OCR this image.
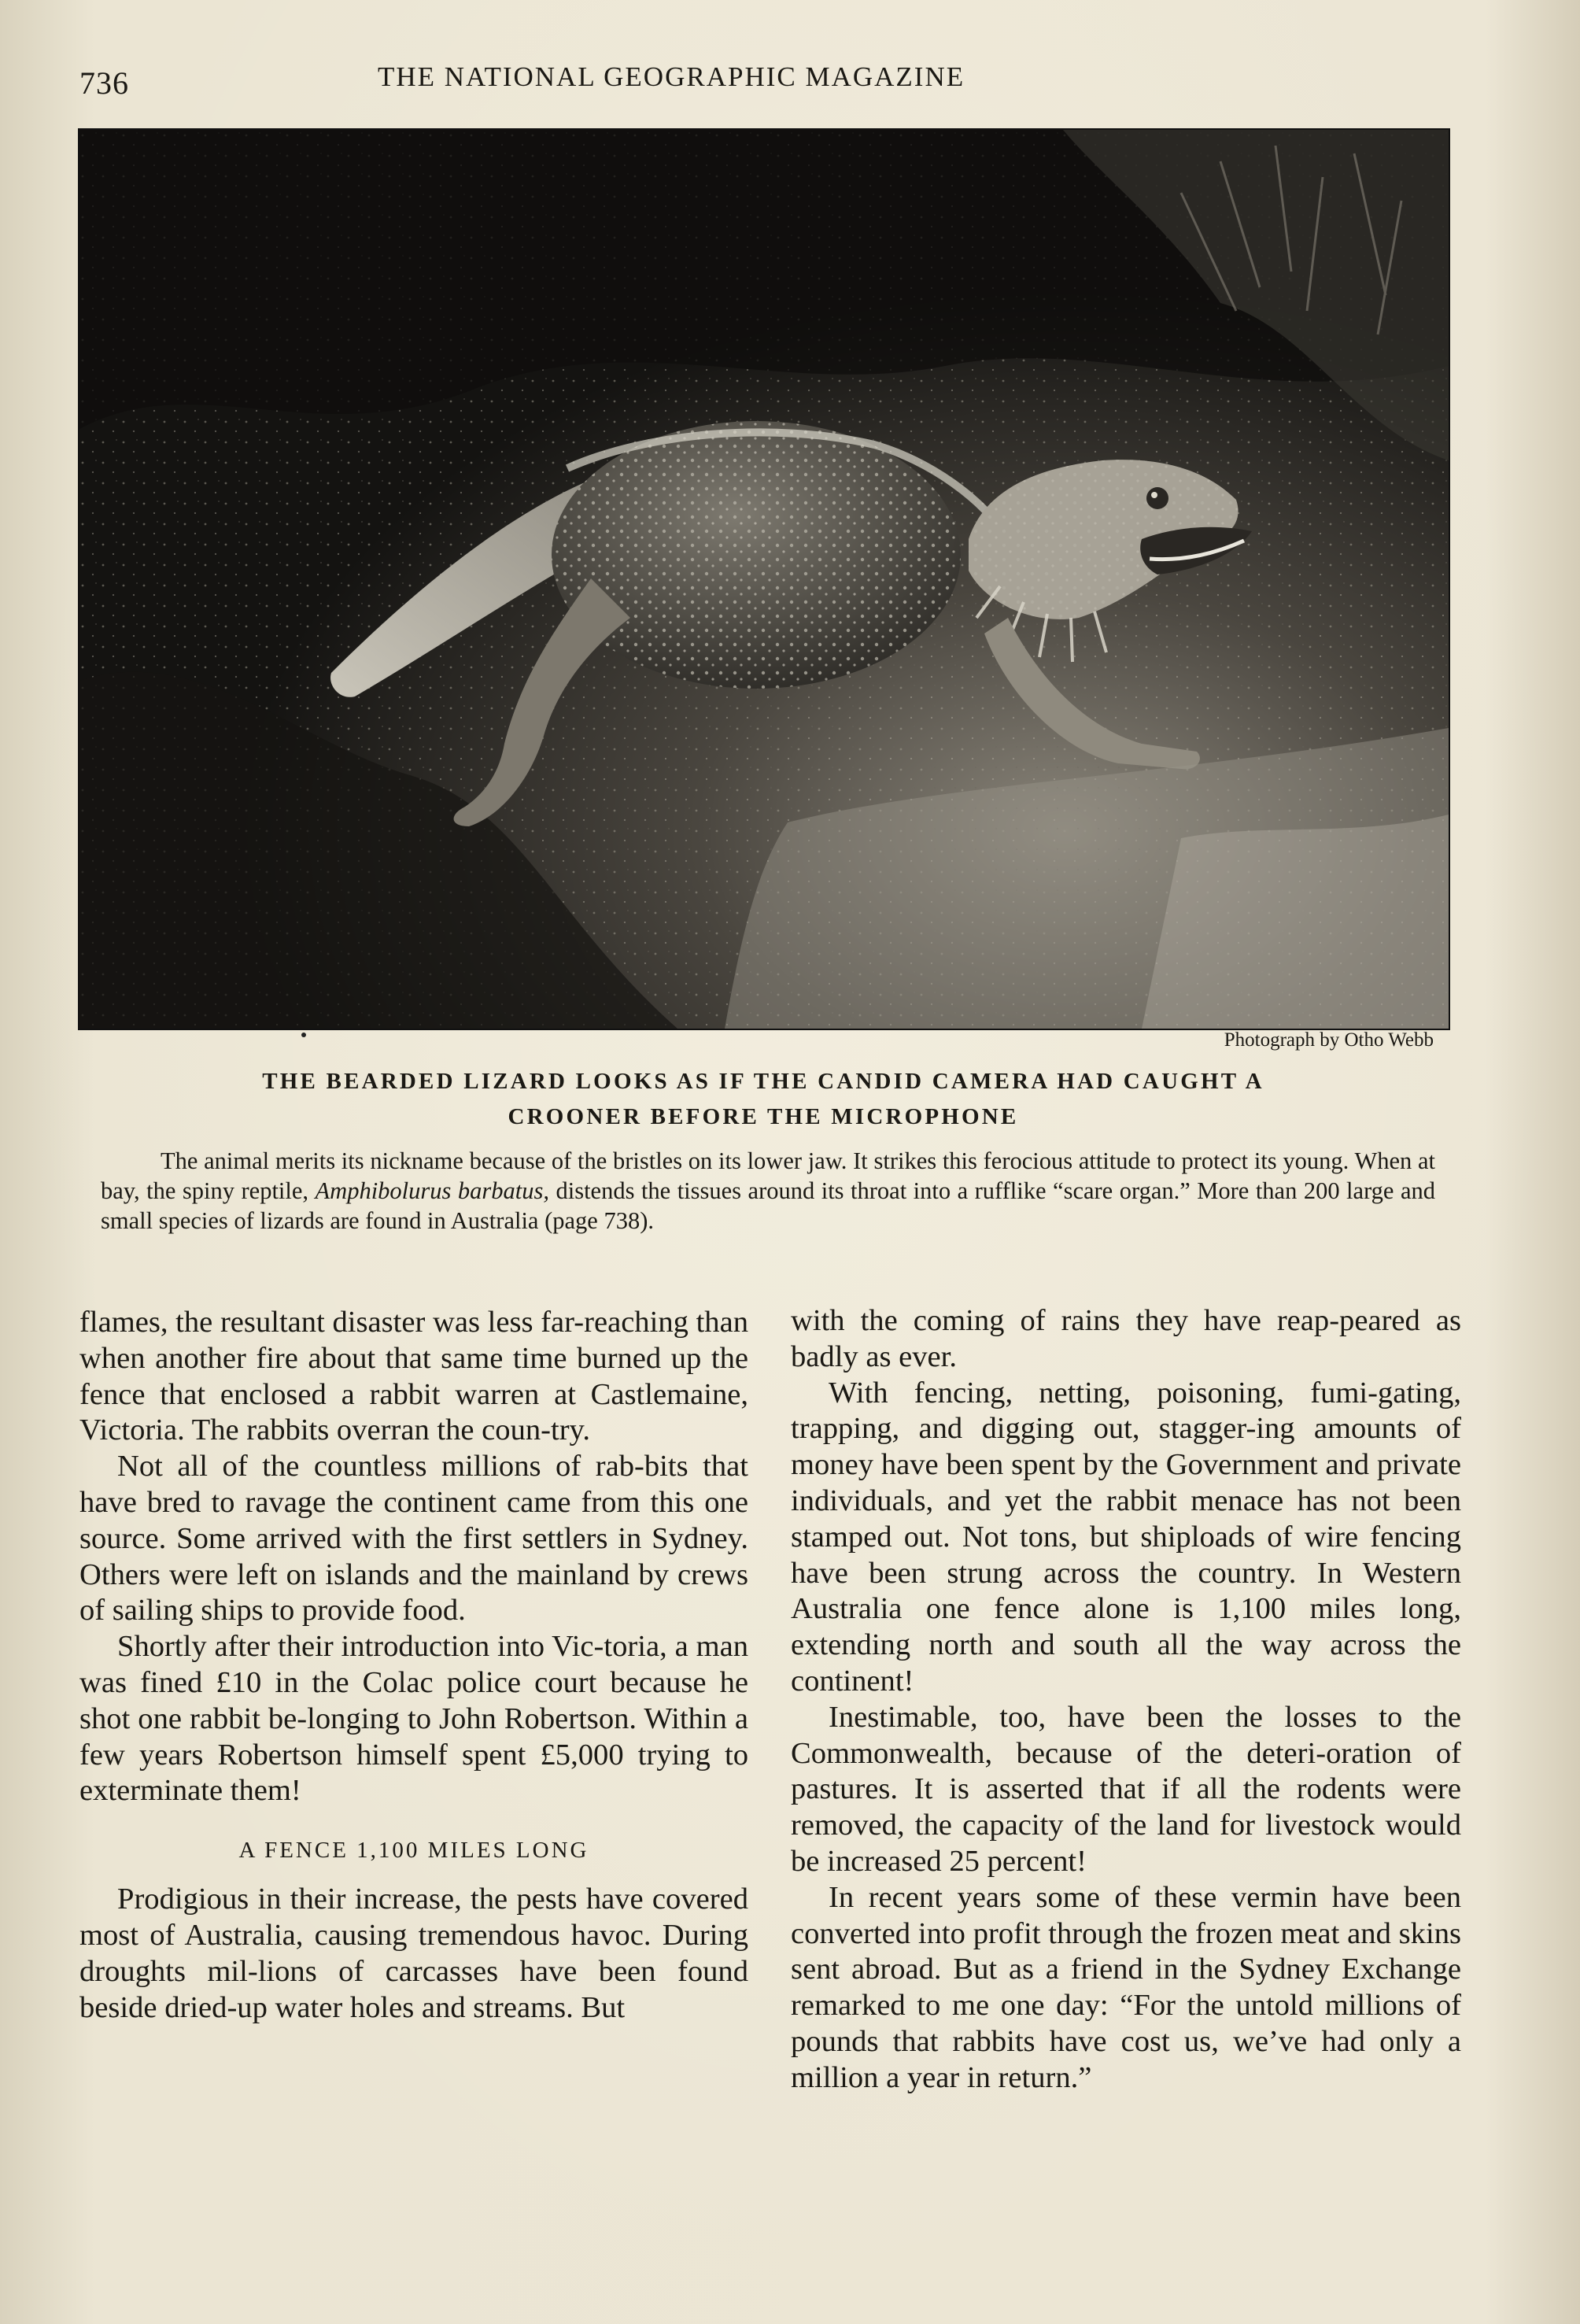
736	THE NATIONAL GEOGRAPHIC MAGAZINE
Photograph by Otho Webb
THE BEARDED LIZARD LOOKS AS IF THE CANDID CAMERA HAD CAUGHT A
CROONER BEFORE THE MICROPHONE

The animal merits its nickname because of the bristles on its lower jaw. It strikes this ferocious attitude to protect its young. When at bay, the spiny reptile, Amphibolurus barbatus, distends the tissues around its throat into a rufflike “scare organ.” More than 200 large and small species of lizards are found in Australia (page 738).

flames, the resultant disaster was less far-reaching than when another fire about that same time burned up the fence that enclosed a rabbit warren at Castlemaine, Victoria. The rabbits overran the coun-try.

Not all of the countless millions of rab-bits that have bred to ravage the continent came from this one source. Some arrived with the first settlers in Sydney. Others were left on islands and the mainland by crews of sailing ships to provide food.

Shortly after their introduction into Vic-toria, a man was fined £10 in the Colac police court because he shot one rabbit be-longing to John Robertson. Within a few years Robertson himself spent £5,000 trying to exterminate them!

A FENCE 1,100 MILES LONG

Prodigious in their increase, the pests have covered most of Australia, causing tremendous havoc. During droughts mil-lions of carcasses have been found beside dried-up water holes and streams. But

with the coming of rains they have reap-peared as badly as ever.

With fencing, netting, poisoning, fumi-gating, trapping, and digging out, stagger-ing amounts of money have been spent by the Government and private individuals, and yet the rabbit menace has not been stamped out. Not tons, but shiploads of wire fencing have been strung across the country. In Western Australia one fence alone is 1,100 miles long, extending north and south all the way across the continent!

Inestimable, too, have been the losses to the Commonwealth, because of the deteri-oration of pastures. It is asserted that if all the rodents were removed, the capacity of the land for livestock would be increased 25 percent!

In recent years some of these vermin have been converted into profit through the frozen meat and skins sent abroad. But as a friend in the Sydney Exchange remarked to me one day: “For the untold millions of pounds that rabbits have cost us, we’ve had only a million a year in return.”
